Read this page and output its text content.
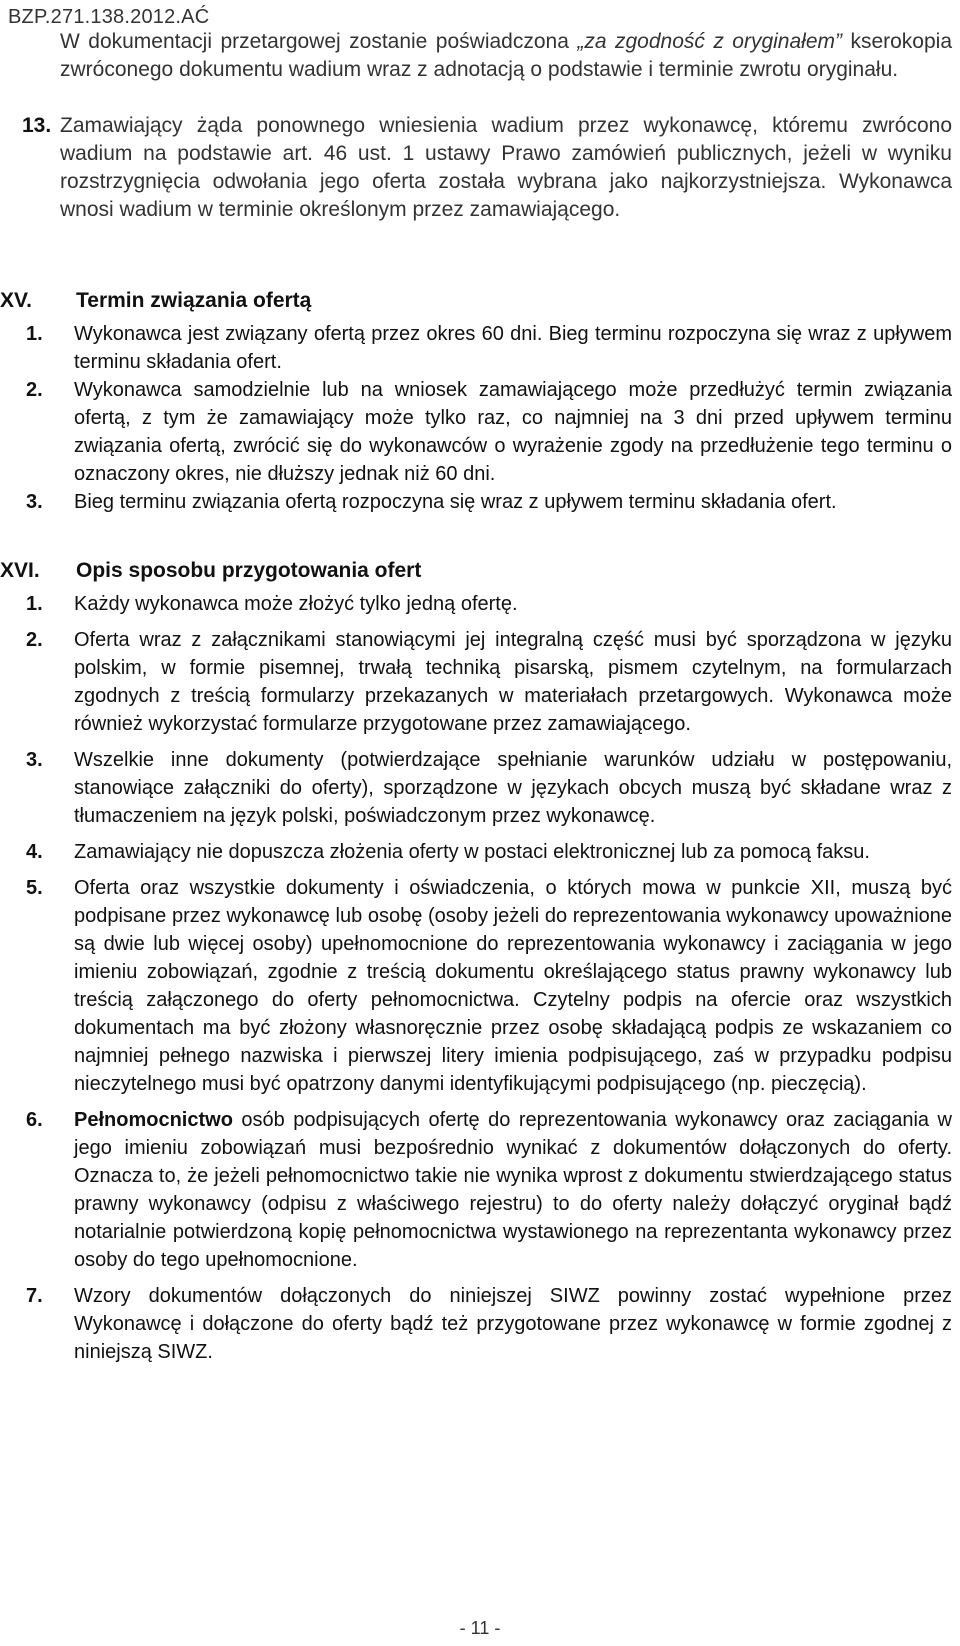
BZP.271.138.2012.AĆ

W dokumentacji przetargowej zostanie poświadczona „za zgodność z oryginałem” kserokopia zwróconego dokumentu wadium wraz z adnotacją o podstawie i terminie zwrotu oryginału.

13. Zamawiający żąda ponownego wniesienia wadium przez wykonawcę, któremu zwrócono wadium na podstawie art. 46 ust. 1 ustawy Prawo zamówień publicznych, jeżeli w wyniku rozstrzygnięcia odwołania jego oferta została wybrana jako najkorzystniejsza. Wykonawca wnosi wadium w terminie określonym przez zamawiającego.
XV. Termin związania ofertą
1. Wykonawca jest związany ofertą przez okres 60 dni. Bieg terminu rozpoczyna się wraz z upływem terminu składania ofert.
2. Wykonawca samodzielnie lub na wniosek zamawiającego może przedłużyć termin związania ofertą, z tym że zamawiający może tylko raz, co najmniej na 3 dni przed upływem terminu związania ofertą, zwrócić się do wykonawców o wyrażenie zgody na przedłużenie tego terminu o oznaczony okres, nie dłuższy jednak niż 60 dni.
3. Bieg terminu związania ofertą rozpoczyna się wraz z upływem terminu składania ofert.
XVI. Opis sposobu przygotowania ofert
1. Każdy wykonawca może złożyć tylko jedną ofertę.
2. Oferta wraz z załącznikami stanowiącymi jej integralną część musi być sporządzona w języku polskim, w formie pisemnej, trwałą techniką pisarską, pismem czytelnym, na formularzach zgodnych z treścią formularzy przekazanych w materiałach przetargowych. Wykonawca może również wykorzystać formularze przygotowane przez zamawiającego.
3. Wszelkie inne dokumenty (potwierdzające spełnianie warunków udziału w postępowaniu, stanowiące załączniki do oferty), sporządzone w językach obcych muszą być składane wraz z tłumaczeniem na język polski, poświadczonym przez wykonawcę.
4. Zamawiający nie dopuszcza złożenia oferty w postaci elektronicznej lub za pomocą faksu.
5. Oferta oraz wszystkie dokumenty i oświadczenia, o których mowa w punkcie XII, muszą być podpisane przez wykonawcę lub osobę (osoby jeżeli do reprezentowania wykonawcy upoważnione są dwie lub więcej osoby) upełnomocnione do reprezentowania wykonawcy i zaciągania w jego imieniu zobowiązań, zgodnie z treścią dokumentu określającego status prawny wykonawcy lub treścią załączonego do oferty pełnomocnictwa. Czytelny podpis na ofercie oraz wszystkich dokumentach ma być złożony własnoręcznie przez osobę składającą podpis ze wskazaniem co najmniej pełnego nazwiska i pierwszej litery imienia podpisującego, zaś w przypadku podpisu nieczytelnego musi być opatrzony danymi identyfikującymi podpisującego (np. pieczęcią).
6. Pełnomocnictwo osób podpisujących ofertę do reprezentowania wykonawcy oraz zaciągania w jego imieniu zobowiązań musi bezpośrednio wynikać z dokumentów dołączonych do oferty. Oznacza to, że jeżeli pełnomocnictwo takie nie wynika wprost z dokumentu stwierdzającego status prawny wykonawcy (odpisu z właściwego rejestru) to do oferty należy dołączyć oryginał bądź notarialnie potwierdzoną kopię pełnomocnictwa wystawionego na reprezentanta wykonawcy przez osoby do tego upełnomocnione.
7. Wzory dokumentów dołączonych do niniejszej SIWZ powinny zostać wypełnione przez Wykonawcę i dołączone do oferty bądź też przygotowane przez wykonawcę w formie zgodnej z niniejszą SIWZ.
- 11 -
